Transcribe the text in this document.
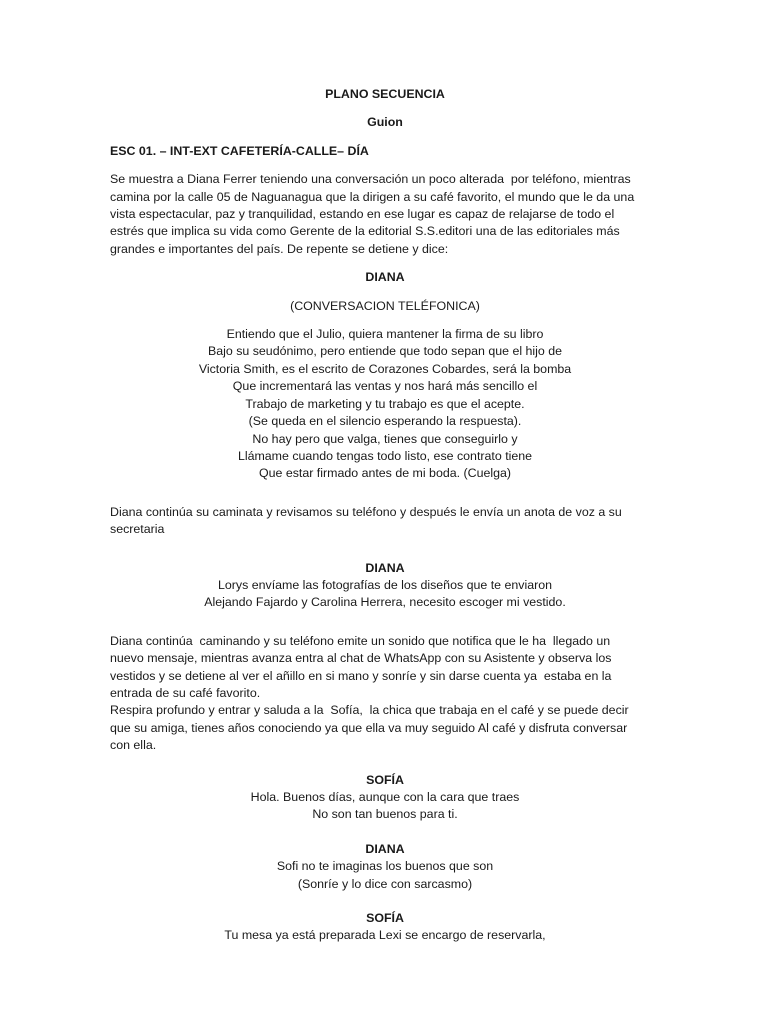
PLANO SECUENCIA
Guion
ESC 01. – INT-EXT CAFETERÍA-CALLE– DÍA
Se muestra a Diana Ferrer teniendo una conversación un poco alterada  por teléfono, mientras
camina por la calle 05 de Naguanagua que la dirigen a su café favorito, el mundo que le da una
vista espectacular, paz y tranquilidad, estando en ese lugar es capaz de relajarse de todo el
estrés que implica su vida como Gerente de la editorial S.S.editori una de las editoriales más
grandes e importantes del país. De repente se detiene y dice:
DIANA
(CONVERSACION TELÉFONICA)
Entiendo que el Julio, quiera mantener la firma de su libro
Bajo su seudónimo, pero entiende que todo sepan que el hijo de
Victoria Smith, es el escrito de Corazones Cobardes, será la bomba
Que incrementará las ventas y nos hará más sencillo el
Trabajo de marketing y tu trabajo es que el acepte.
(Se queda en el silencio esperando la respuesta).
No hay pero que valga, tienes que conseguirlo y
Llámame cuando tengas todo listo, ese contrato tiene
Que estar firmado antes de mi boda. (Cuelga)
Diana continúa su caminata y revisamos su teléfono y después le envía un anota de voz a su
secretaria
DIANA
Lorys envíame las fotografías de los diseños que te enviaron
Alejando Fajardo y Carolina Herrera, necesito escoger mi vestido.
Diana continúa  caminando y su teléfono emite un sonido que notifica que le ha  llegado un
nuevo mensaje, mientras avanza entra al chat de WhatsApp con su Asistente y observa los
vestidos y se detiene al ver el añillo en si mano y sonríe y sin darse cuenta ya  estaba en la
entrada de su café favorito.
Respira profundo y entrar y saluda a la  Sofía,  la chica que trabaja en el café y se puede decir
que su amiga, tienes años conociendo ya que ella va muy seguido Al café y disfruta conversar
con ella.
SOFÍA
Hola. Buenos días, aunque con la cara que traes
No son tan buenos para ti.
DIANA
Sofi no te imaginas los buenos que son
(Sonríe y lo dice con sarcasmo)
SOFÍA
Tu mesa ya está preparada Lexi se encargo de reservarla,
